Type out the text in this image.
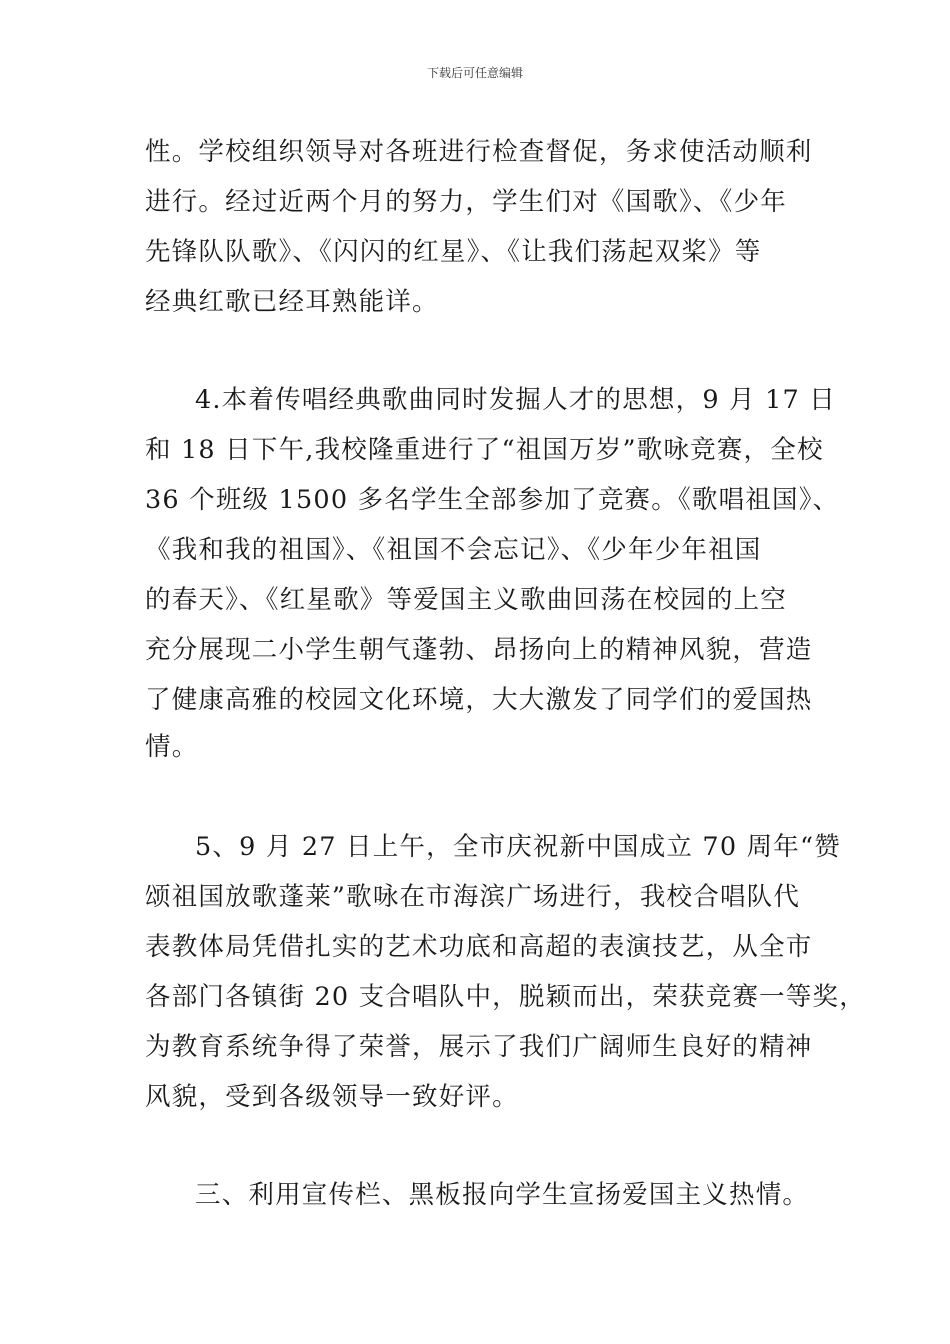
下载后可任意编辑
性。学校组织领导对各班进行检查督促，务求使活动顺利
进行。经过近两个月的努力，学生们对《国歌》、《少年
先锋队队歌》、《闪闪的红星》、《让我们荡起双桨》等
经典红歌已经耳熟能详。
4.本着传唱经典歌曲同时发掘人才的思想，9 月 17 日
和 18 日下午,我校隆重进行了“祖国万岁”歌咏竞赛，全校
36 个班级 1500 多名学生全部参加了竞赛。《歌唱祖国》、
《我和我的祖国》、《祖国不会忘记》、《少年少年祖国
的春天》、《红星歌》等爱国主义歌曲回荡在校园的上空
充分展现二小学生朝气蓬勃、昂扬向上的精神风貌，营造
了健康高雅的校园文化环境，大大激发了同学们的爱国热
情。
5、9 月 27 日上午，全市庆祝新中国成立 70 周年“赞
颂祖国放歌蓬莱”歌咏在市海滨广场进行，我校合唱队代
表教体局凭借扎实的艺术功底和高超的表演技艺，从全市
各部门各镇街 20 支合唱队中，脱颖而出，荣获竞赛一等奖，
为教育系统争得了荣誉，展示了我们广阔师生良好的精神
风貌，受到各级领导一致好评。
三、利用宣传栏、黑板报向学生宣扬爱国主义热情。
